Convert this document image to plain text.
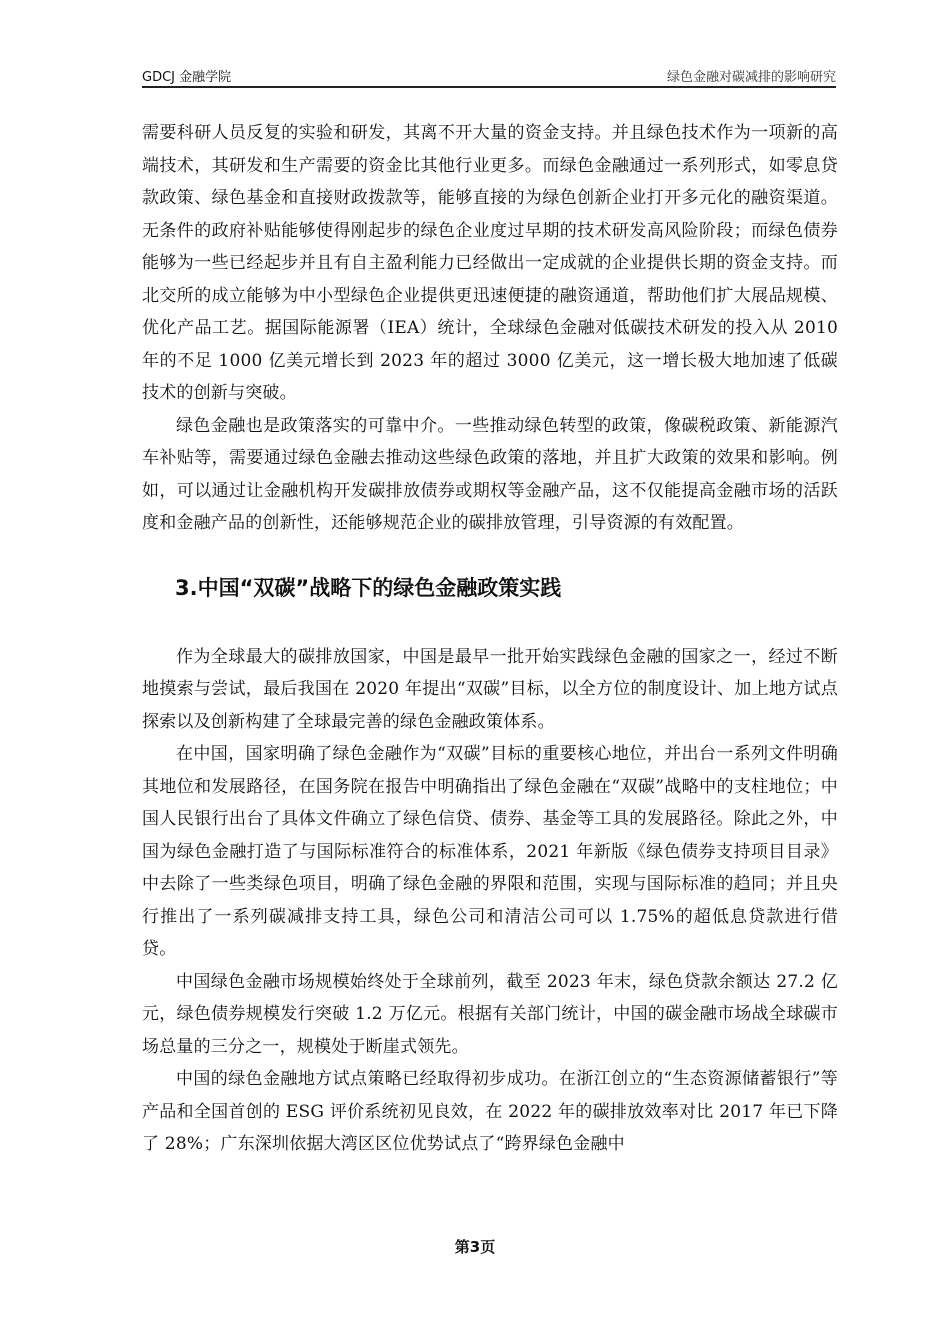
GDCJ 金融学院	绿色金融对碳减排的影响研究

需要科研人员反复的实验和研发，其离不开大量的资金支持。并且绿色技术作为一项新的高端技术，其研发和生产需要的资金比其他行业更多。而绿色金融通过一系列形式，如零息贷款政策、绿色基金和直接财政拨款等，能够直接的为绿色创新企业打开多元化的融资渠道。无条件的政府补贴能够使得刚起步的绿色企业度过早期的技术研发高风险阶段；而绿色债券能够为一些已经起步并且有自主盈利能力已经做出一定成就的企业提供长期的资金支持。而北交所的成立能够为中小型绿色企业提供更迅速便捷的融资通道，帮助他们扩大展品规模、优化产品工艺。据国际能源署（IEA）统计，全球绿色金融对低碳技术研发的投入从 2010 年的不足 1000 亿美元增长到 2023 年的超过 3000 亿美元，这一增长极大地加速了低碳技术的创新与突破。

绿色金融也是政策落实的可靠中介。一些推动绿色转型的政策，像碳税政策、新能源汽车补贴等，需要通过绿色金融去推动这些绿色政策的落地，并且扩大政策的效果和影响。例如，可以通过让金融机构开发碳排放债券或期权等金融产品，这不仅能提高金融市场的活跃度和金融产品的创新性，还能够规范企业的碳排放管理，引导资源的有效配置。

3.中国“双碳”战略下的绿色金融政策实践

作为全球最大的碳排放国家，中国是最早一批开始实践绿色金融的国家之一，经过不断地摸索与尝试，最后我国在 2020 年提出“双碳”目标，以全方位的制度设计、加上地方试点探索以及创新构建了全球最完善的绿色金融政策体系。

在中国，国家明确了绿色金融作为“双碳”目标的重要核心地位，并出台一系列文件明确其地位和发展路径，在国务院在报告中明确指出了绿色金融在“双碳”战略中的支柱地位；中国人民银行出台了具体文件确立了绿色信贷、债券、基金等工具的发展路径。除此之外，中国为绿色金融打造了与国际标准符合的标准体系，2021 年新版《绿色债券支持项目目录》中去除了一些类绿色项目，明确了绿色金融的界限和范围，实现与国际标准的趋同；并且央行推出了一系列碳减排支持工具，绿色公司和清洁公司可以 1.75%的超低息贷款进行借贷。

中国绿色金融市场规模始终处于全球前列，截至 2023 年末，绿色贷款余额达 27.2 亿元，绿色债券规模发行突破 1.2 万亿元。根据有关部门统计，中国的碳金融市场战全球碳市场总量的三分之一，规模处于断崖式领先。

中国的绿色金融地方试点策略已经取得初步成功。在浙江创立的“生态资源储蓄银行”等产品和全国首创的 ESG 评价系统初见良效，在 2022 年的碳排放效率对比 2017 年已下降了 28%；广东深圳依据大湾区区位优势试点了“跨界绿色金融中

第3页
